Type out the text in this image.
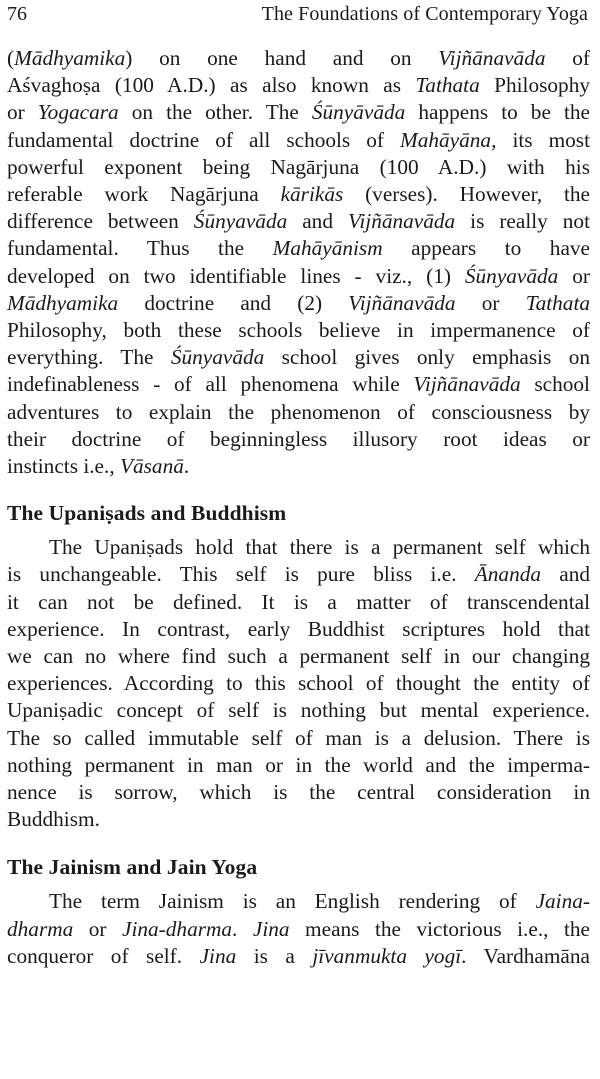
76	The Foundations of Contemporary Yoga

(Mādhyamika) on one hand and on Vijñānavāda of
Aśvaghoṣa (100 A.D.) as also known as Tathata Philosophy
or Yogacara on the other. The Śūnyāvāda happens to be the
fundamental doctrine of all schools of Mahāyāna, its most
powerful exponent being Nagārjuna (100 A.D.) with his
referable work Nagārjuna kārikās (verses). However, the
difference between Śūnyavāda and Vijñānavāda is really not
fundamental. Thus the Mahāyānism appears to have
developed on two identifiable lines - viz., (1) Śūnyavāda or
Mādhyamika doctrine and (2) Vijñānavāda or Tathata
Philosophy, both these schools believe in impermanence of
everything. The Śūnyavāda school gives only emphasis on
indefinableness - of all phenomena while Vijñānavāda school
adventures to explain the phenomenon of consciousness by
their doctrine of beginningless illusory root ideas or
instincts i.e., Vāsanā.

The Upaniṣads and Buddhism

The Upaniṣads hold that there is a permanent self which
is unchangeable. This self is pure bliss i.e. Ānanda and
it can not be defined. It is a matter of transcendental
experience. In contrast, early Buddhist scriptures hold that
we can no where find such a permanent self in our changing
experiences. According to this school of thought the entity of
Upaniṣadic concept of self is nothing but mental experience.
The so called immutable self of man is a delusion. There is
nothing permanent in man or in the world and the imperma-
nence is sorrow, which is the central consideration in
Buddhism.

The Jainism and Jain Yoga

The term Jainism is an English rendering of Jaina-
dharma or Jina-dharma. Jina means the victorious i.e., the
conqueror of self. Jina is a jīvanmukta yogī. Vardhamāna
